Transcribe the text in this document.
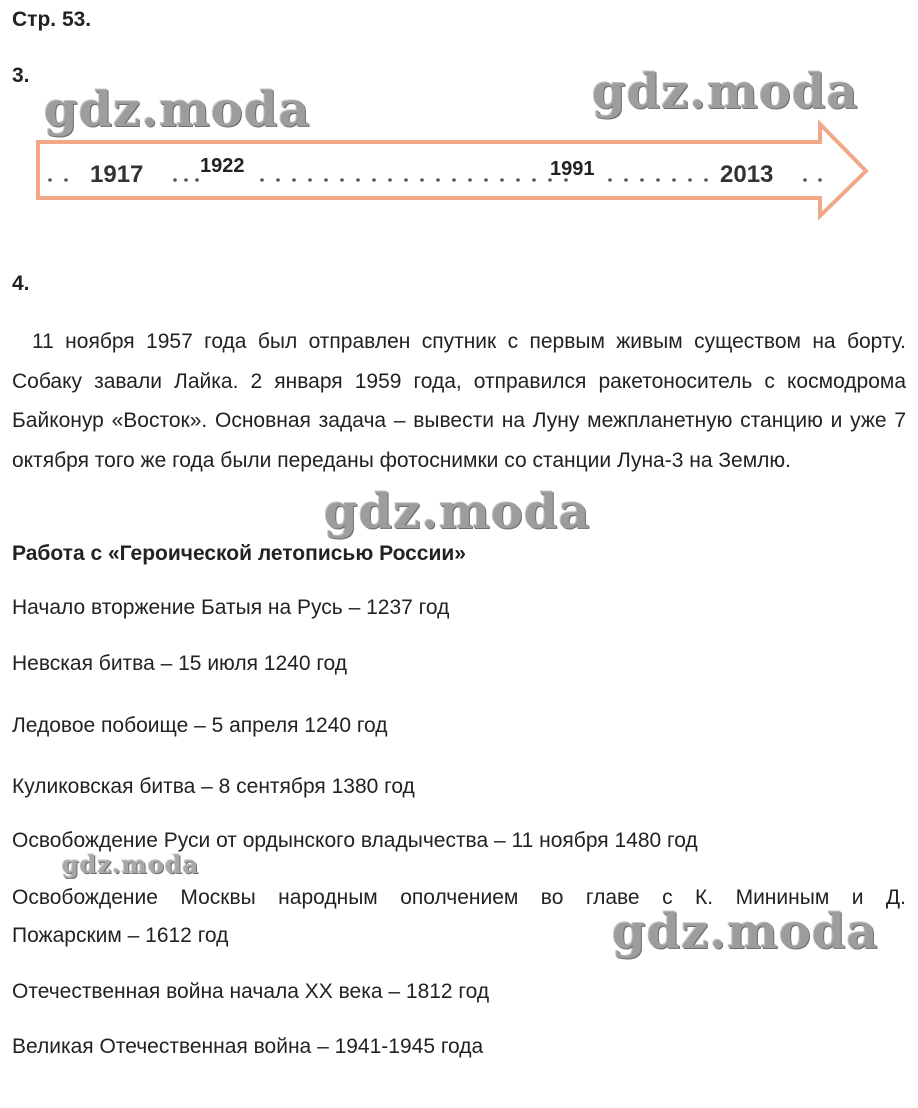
Стр. 53.
3.
1917	1922	1991	2013
4.
11 ноября 1957 года был отправлен спутник с первым живым существом на борту. Собаку завали Лайка. 2 января 1959 года, отправился ракетоноситель с космодрома Байконур «Восток». Основная задача – вывести на Луну межпланетную станцию и уже 7 октября того же года были переданы фотоснимки со станции Луна-3 на Землю.
Работа с «Героической летописью России»
Начало вторжение Батыя на Русь – 1237 год
Невская битва – 15 июля 1240 год
Ледовое побоище – 5 апреля 1240 год
Куликовская битва – 8 сентября 1380 год
Освобождение Руси от ордынского владычества – 11 ноября 1480 год
Освобождение Москвы народным ополчением во главе с К. Мининым и Д.
Пожарским – 1612 год
Отечественная война начала XX века – 1812 год
Великая Отечественная война – 1941-1945 года
gdz.moda	gdz.moda
gdz.moda
gdz.moda
gdz.moda
